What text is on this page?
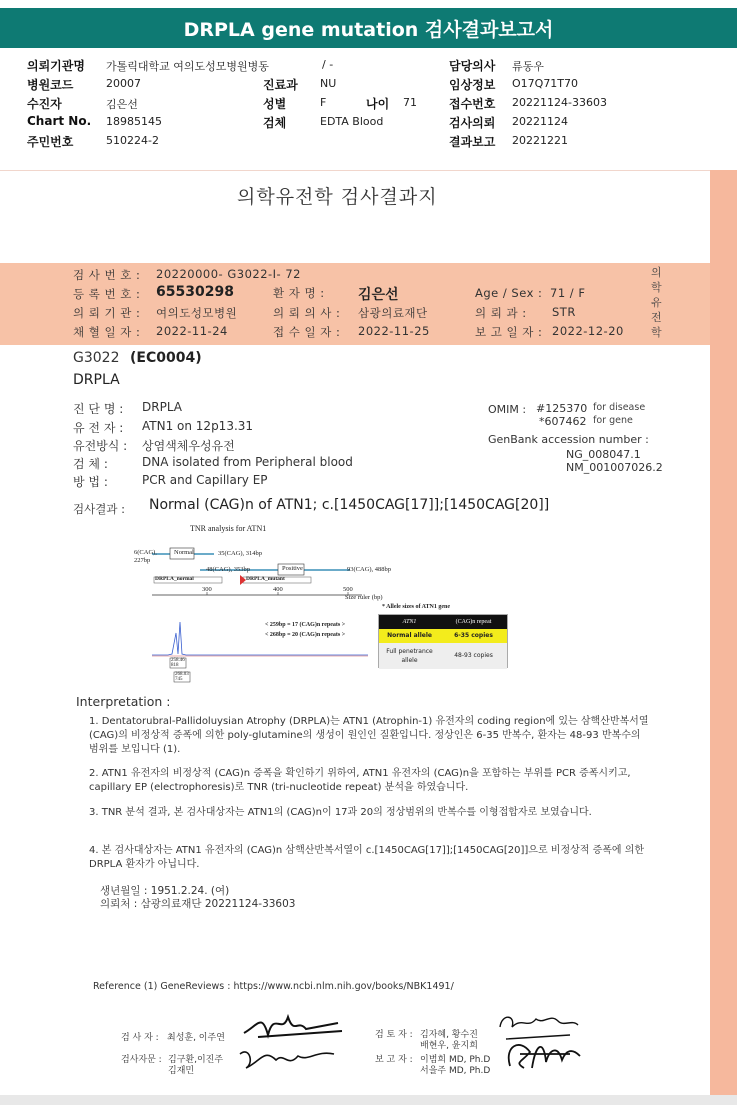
DRPLA gene mutation 검사결과보고서
의뢰기관명 가톨릭대학교 여의도성모병원병동	/ -	담당의사 류동우
병원코드	20007	진료과 NU	임상정보 O17Q71T70
수진자	김은선	성별	F	나이 71	접수번호 20221124-33603
Chart No. 18985145	검체	EDTA Blood	검사의뢰 20221124
주민번호	510224-2	결과보고 20221221
의학유전학 검사결과지
의학유전학
검 사 번 호 : 20220000- G3022-I- 72
등 록 번 호 : 65530298	환 자 명 : 김은선	Age / Sex : 71 / F
의 뢰 기 관 : 여의도성모병원	의 뢰 의 사 : 삼광의료재단	의 뢰 과 : STR
채 혈 일 자 : 2022-11-24	접 수 일 자 : 2022-11-25	보 고 일 자 : 2022-12-20
G3022 (EC0004)
DRPLA
진 단 명 : DRPLA
유 전 자 : ATN1 on 12p13.31
유전방식 : 상염색체우성유전
검 체 :	DNA isolated from Peripheral blood
방 법 :	PCR and Capillary EP
OMIM : #125370 for disease
*607462 for gene
GenBank accession number :
NG_008047.1
NM_001007026.2
검사결과 : Normal (CAG)n of ATN1; c.[1450CAG[17]];[1450CAG[20]]
TNR analysis for ATN1
Normal
Positive
6(CAG),
227bp
35(CAG), 314bp
48(CAG), 353bp	93(CAG), 488bp
DRPLA_normal	DRPLA_mutant
300	400	500
Size ruler (bp)
258.46
818
268.03
745
< 259bp = 17 (CAG)n repeats >
< 268bp = 20 (CAG)n repeats >
* Allele sizes of ATN1 gene
ATN1	(CAG)n repeat
Normal allele	6-35 copies
Full penetrance allele
48-93 copies
Interpretation :
1. Dentatorubral-Pallidoluysian Atrophy (DRPLA)는 ATN1 (Atrophin-1) 유전자의 coding region에 있는 삼핵산반복서열 (CAG)의 비정상적 증폭에 의한 poly-glutamine의 생성이 원인인 질환입니다. 정상인은 6-35 반복수, 환자는 48-93 반복수의 범위를 보입니다 (1).
2. ATN1 유전자의 비정상적 (CAG)n 증폭을 확인하기 위하여, ATN1 유전자의 (CAG)n을 포함하는 부위를 PCR 증폭시키고, capillary EP (electrophoresis)로 TNR (tri-nucleotide repeat) 분석을 하였습니다.
3. TNR 분석 결과, 본 검사대상자는 ATN1의 (CAG)n이 17과 20의 정상범위의 반복수를 이형접합자로 보였습니다.
4. 본 검사대상자는 ATN1 유전자의 (CAG)n 삼핵산반복서열이 c.[1450CAG[17]];[1450CAG[20]]으로 비정상적 증폭에 의한 DRPLA 환자가 아닙니다.
생년월일 : 1951.2.24. (여)
의뢰처 : 삼광의료재단 20221124-33603
Reference (1) GeneReviews : https://www.ncbi.nlm.nih.gov/books/NBK1491/
검 사 자 : 최성훈, 이주연
검사자문 : 김구환,이진주
김재민
검 토 자 : 김자혜, 황수진
배현우, 윤지희
보 고 자 : 이범희 MD, Ph.D
서을주 MD, Ph.D
